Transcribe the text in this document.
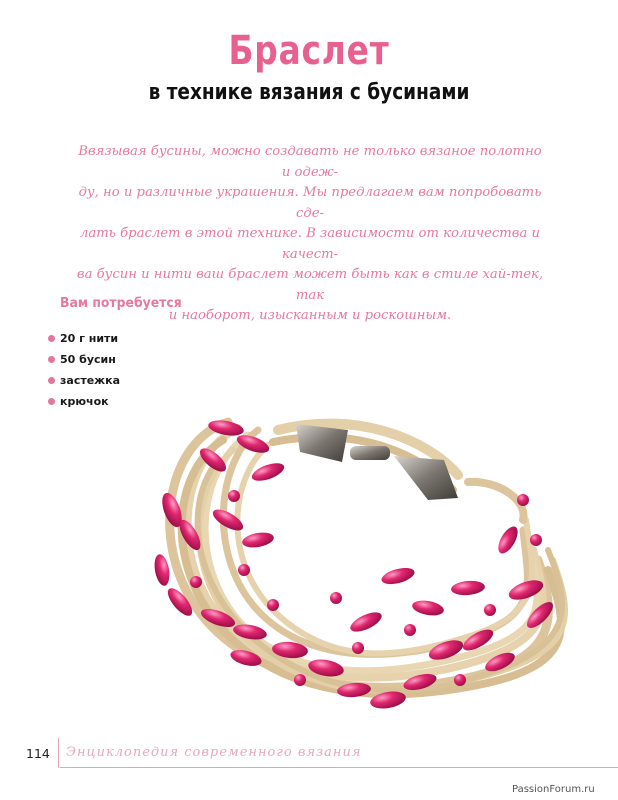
Браслет
в технике вязания с бусинами
Ввязывая бусины, можно создавать не только вязаное полотно и одеж-
ду, но и различные украшения. Мы предлагаем вам попробовать сде-
лать браслет в этой технике. В зависимости от количества и качест-
ва бусин и нити ваш браслет может быть как в стиле хай-тек, так
и наоборот, изысканным и роскошным.
Вам потребуется
20 г нити
50 бусин
застежка
крючок
114 Энциклопедия современного вязания
PassionForum.ru
